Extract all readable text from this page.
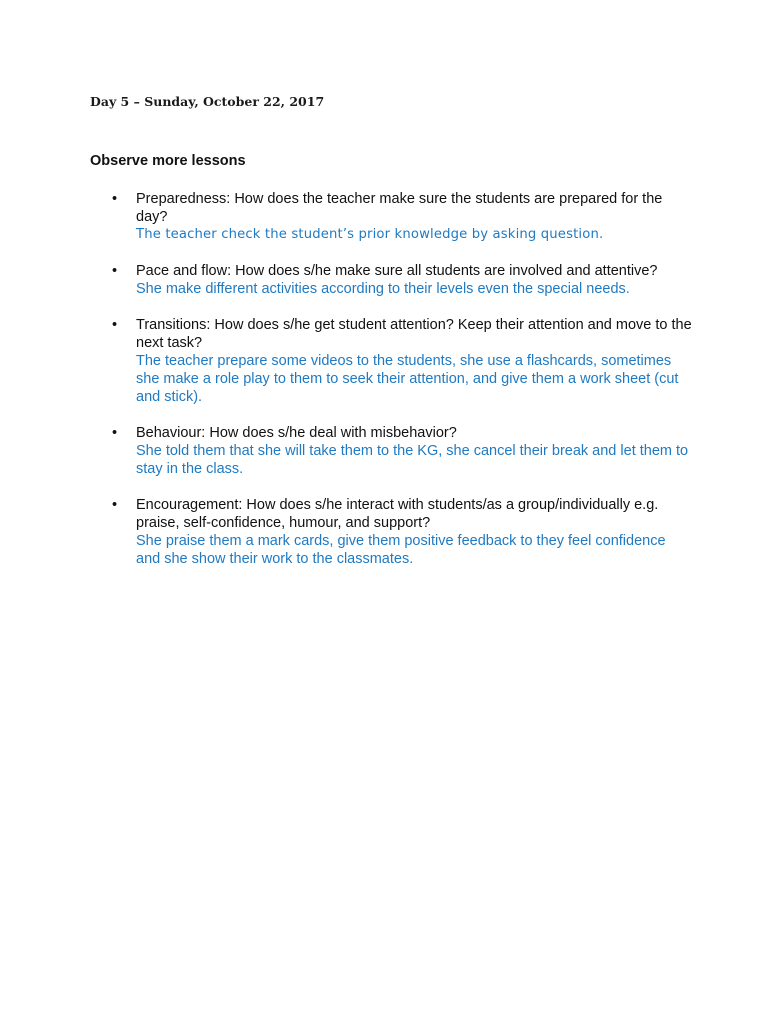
Day 5 – Sunday, October 22, 2017
Observe more lessons
• Preparedness: How does the teacher make sure the students are prepared for the day?
The teacher check the student’s prior knowledge by asking question.
• Pace and flow: How does s/he make sure all students are involved and attentive?
She make different activities according to their levels even the special needs.
• Transitions: How does s/he get student attention? Keep their attention and move to the next task?
The teacher prepare some videos to the students, she use a flashcards, sometimes she make a role play to them to seek their attention, and give them a work sheet (cut and stick).
• Behaviour: How does s/he deal with misbehavior?
She told them that she will take them to the KG, she cancel their break and let them to stay in the class.
• Encouragement: How does s/he interact with students/as a group/individually e.g. praise, self-confidence, humour, and support?
She praise them a mark cards, give them positive feedback to they feel confidence and she show their work to the classmates.
